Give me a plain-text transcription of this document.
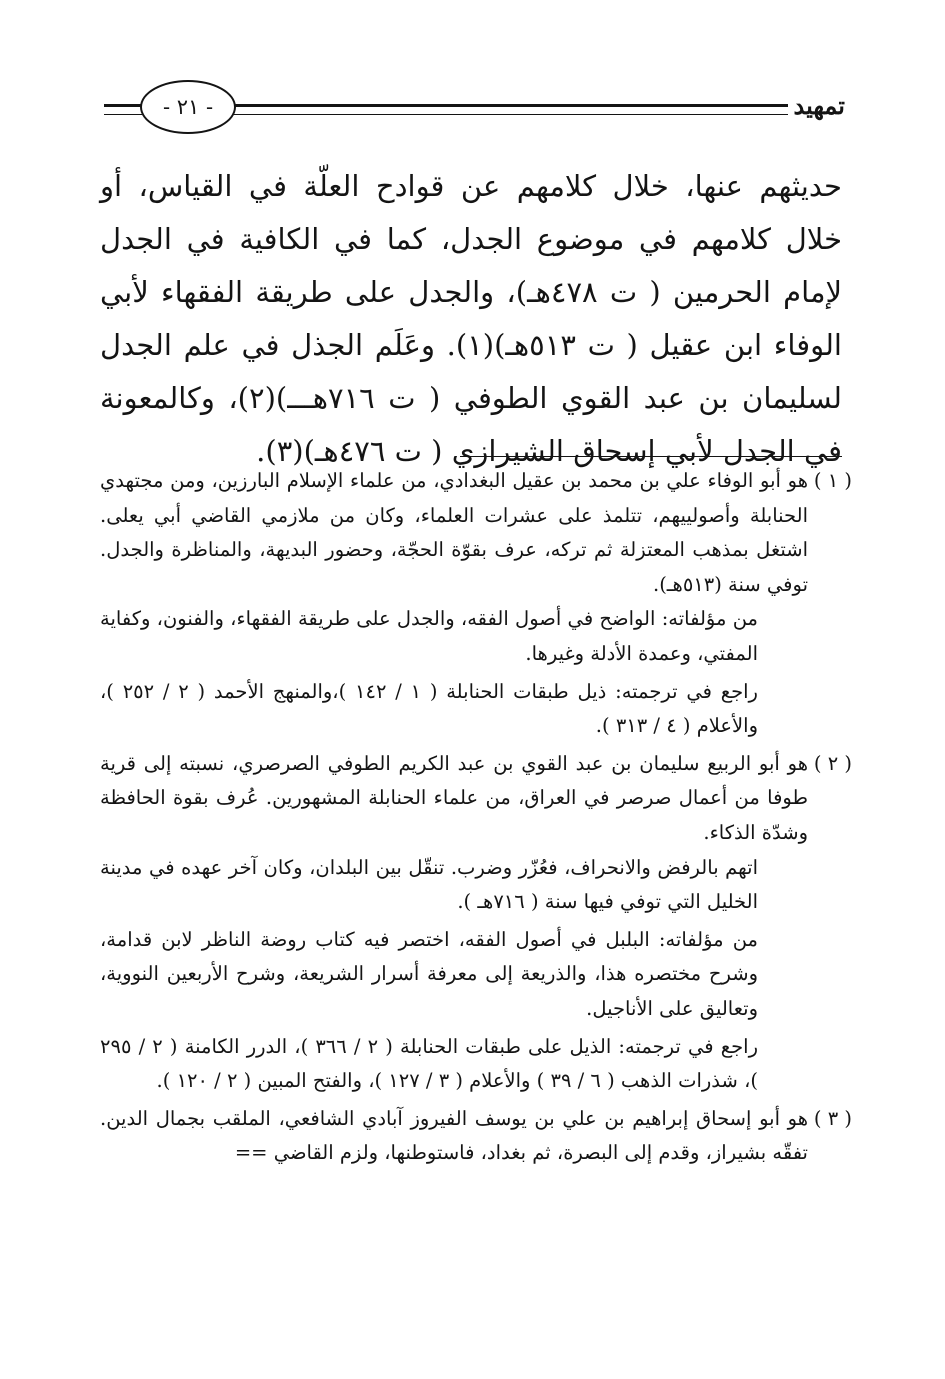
- ٢١ -	تمهيد

حديثهم عنها، خلال كلامهم عن قوادح العلّة في القياس، أو خلال كلامهم في موضوع الجدل، كما في الكافية في الجدل لإمام الحرمين ( ت ٤٧٨هـ)، والجدل على طريقة الفقهاء لأبي الوفاء ابن عقيل ( ت ٥١٣هـ)(١). وعَلَم الجذل في علم الجدل لسليمان بن عبد القوي الطوفي ( ت ٧١٦هـــ)(٢)، وكالمعونة في الجدل لأبي إسحاق الشيرازي ( ت ٤٧٦هـ)(٣).

( ١ )
هو أبو الوفاء علي بن محمد بن عقيل البغدادي، من علماء الإسلام البارزين، ومن مجتهدي الحنابلة وأصولييهم، تتلمذ على عشرات العلماء، وكان من ملازمي القاضي أبي يعلى. اشتغل بمذهب المعتزلة ثم تركه، عرف بقوّة الحجّة، وحضور البديهة، والمناظرة والجدل. توفي سنة (٥١٣هـ).

من مؤلفاته: الواضح في أصول الفقه، والجدل على طريقة الفقهاء، والفنون، وكفاية المفتي، وعمدة الأدلة وغيرها.

راجع في ترجمته: ذيل طبقات الحنابلة ( ١ / ١٤٢ )،والمنهج الأحمد ( ٢ / ٢٥٢ )، والأعلام ( ٤ / ٣١٣ ).

( ٢ )
هو أبو الربيع سليمان بن عبد القوي بن عبد الكريم الطوفي الصرصري، نسبته إلى قرية طوفا من أعمال صرصر في العراق، من علماء الحنابلة المشهورين. عُرف بقوة الحافظة وشدّة الذكاء.

اتهم بالرفض والانحراف، فعُزّر وضرب. تنقّل بين البلدان، وكان آخر عهده في مدينة الخليل التي توفي فيها سنة ( ٧١٦هـ ).

من مؤلفاته: البلبل في أصول الفقه، اختصر فيه كتاب روضة الناظر لابن قدامة، وشرح مختصره هذا، والذريعة إلى معرفة أسرار الشريعة، وشرح الأربعين النووية، وتعاليق على الأناجيل.

راجع في ترجمته: الذيل على طبقات الحنابلة ( ٢ / ٣٦٦ )، الدرر الكامنة ( ٢ / ٢٩٥ )، شذرات الذهب ( ٦ / ٣٩ ) والأعلام ( ٣ / ١٢٧ )، والفتح المبين ( ٢ / ١٢٠ ).

( ٣ )
هو أبو إسحاق إبراهيم بن علي بن يوسف الفيروز آبادي الشافعي، الملقب بجمال الدين. تفقّه بشيراز، وقدم إلى البصرة، ثم بغداد، فاستوطنها، ولزم القاضي ==
